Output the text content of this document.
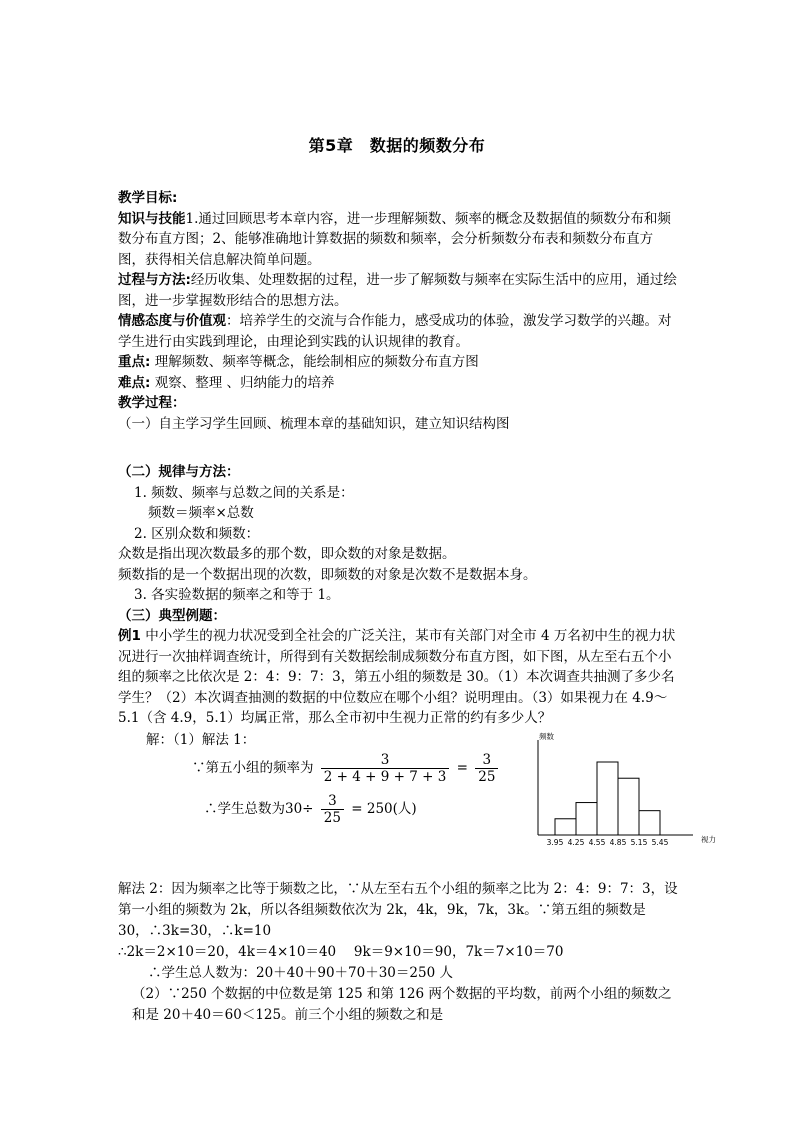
第5章　数据的频数分布

教学目标:

知识与技能1.通过回顾思考本章内容，进一步理解频数、频率的概念及数据值的频数分布和频数分布直方图；2、能够准确地计算数据的频数和频率，会分析频数分布表和频数分布直方图，获得相关信息解决简单问题。

过程与方法:经历收集、处理数据的过程，进一步了解频数与频率在实际生活中的应用，通过绘图，进一步掌握数形结合的思想方法。

情感态度与价值观：培养学生的交流与合作能力，感受成功的体验，激发学习数学的兴趣。对学生进行由实践到理论，由理论到实践的认识规律的教育。

重点: 理解频数、频率等概念，能绘制相应的频数分布直方图

难点: 观察、整理 、归纳能力的培养

教学过程：

（一）自主学习学生回顾、梳理本章的基础知识，建立知识结构图

（二）规律与方法：

1. 频数、频率与总数之间的关系是：

频数＝频率×总数

2. 区别众数和频数：

众数是指出现次数最多的那个数，即众数的对象是数据。

频数指的是一个数据出现的次数，即频数的对象是次数不是数据本身。

3. 各实验数据的频率之和等于 1。

（三）典型例题：

例1 中小学生的视力状况受到全社会的广泛关注，某市有关部门对全市 4 万名初中生的视力状况进行一次抽样调查统计，所得到有关数据绘制成频数分布直方图，如下图，从左至右五个小组的频率之比依次是 2：4：9：7：3，第五小组的频数是 30。（1）本次调查共抽测了多少名学生？（2）本次调查抽测的数据的中位数应在哪个小组？说明理由。（3）如果视力在 4.9～5.1（含 4.9，5.1）均属正常，那么全市初中生视力正常的约有多少人？

解：（1）解法 1：

∵第五小组的频率为 $\frac{3}{2 + 4 + 9 + 7 + 3} = \frac{3}{25}$

∴学生总数为$30\div \frac{3}{25} = 250$(人)

频数
视力
3.95 4.25 4.55 4.85 5.15 5.45

解法 2：因为频率之比等于频数之比，∵从左至右五个小组的频率之比为 2：4：9：7：3，设第一小组的频数为 2k，所以各组频数依次为 2k，4k，9k，7k，3k。∵第五组的频数是 30，∴3k=30，∴k=10

∴2k＝2×10＝20，4k＝4×10＝40　 9k＝9×10＝90，7k＝7×10＝70

∴学生总人数为：20＋40＋90＋70＋30＝250 人

（2）∵250 个数据的中位数是第 125 和第 126 两个数据的平均数，前两个小组的频数之和是 20＋40＝60＜125。前三个小组的频数之和是
